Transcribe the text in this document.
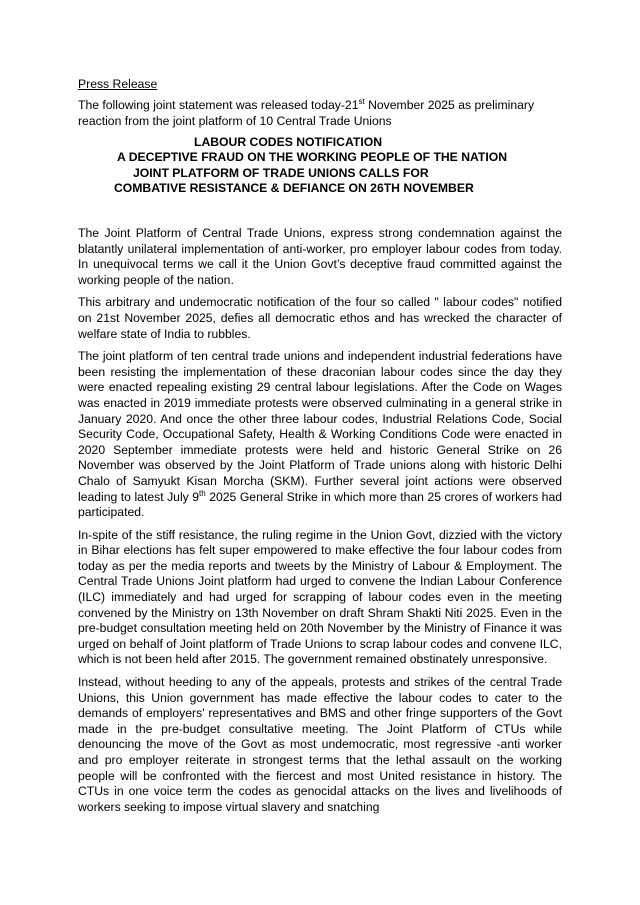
Press Release

The following joint statement was released today-21st November 2025 as preliminary reaction from the joint platform of 10 Central Trade Unions

LABOUR CODES NOTIFICATION
A DECEPTIVE FRAUD ON THE WORKING PEOPLE OF THE NATION
JOINT PLATFORM OF TRADE UNIONS CALLS FOR
COMBATIVE RESISTANCE & DEFIANCE ON 26TH NOVEMBER

The Joint Platform of Central Trade Unions, express strong condemnation against the blatantly unilateral implementation of anti-worker, pro employer labour codes from today. In unequivocal terms we call it the Union Govt’s deceptive fraud committed against the working people of the nation.

This arbitrary and undemocratic notification of the four so called " labour codes" notified on 21st November 2025, defies all democratic ethos and has wrecked the character of welfare state of India to rubbles.

The joint platform of ten central trade unions and independent industrial federations have been resisting the implementation of these draconian labour codes since the day they were enacted repealing existing 29 central labour legislations. After the Code on Wages was enacted in 2019 immediate protests were observed culminating in a general strike in January 2020. And once the other three labour codes, Industrial Relations Code, Social Security Code, Occupational Safety, Health & Working Conditions Code were enacted in 2020 September immediate protests were held and historic General Strike on 26 November was observed by the Joint Platform of Trade unions along with historic Delhi Chalo of Samyukt Kisan Morcha (SKM). Further several joint actions were observed leading to latest July 9th 2025 General Strike in which more than 25 crores of workers had participated.

In-spite of the stiff resistance, the ruling regime in the Union Govt, dizzied with the victory in Bihar elections has felt super empowered to make effective the four labour codes from today as per the media reports and tweets by the Ministry of Labour & Employment. The Central Trade Unions Joint platform had urged to convene the Indian Labour Conference (ILC) immediately and had urged for scrapping of labour codes even in the meeting convened by the Ministry on 13th November on draft Shram Shakti Niti 2025. Even in the pre-budget consultation meeting held on 20th November by the Ministry of Finance it was urged on behalf of Joint platform of Trade Unions to scrap labour codes and convene ILC, which is not been held after 2015. The government remained obstinately unresponsive.

Instead, without heeding to any of the appeals, protests and strikes of the central Trade Unions, this Union government has made effective the labour codes to cater to the demands of employers' representatives and BMS and other fringe supporters of the Govt made in the pre-budget consultative meeting. The Joint Platform of CTUs while denouncing the move of the Govt as most undemocratic, most regressive -anti worker and pro employer reiterate in strongest terms that the lethal assault on the working people will be confronted with the fiercest and most United resistance in history. The CTUs in one voice term the codes as genocidal attacks on the lives and livelihoods of workers seeking to impose virtual slavery and snatching
